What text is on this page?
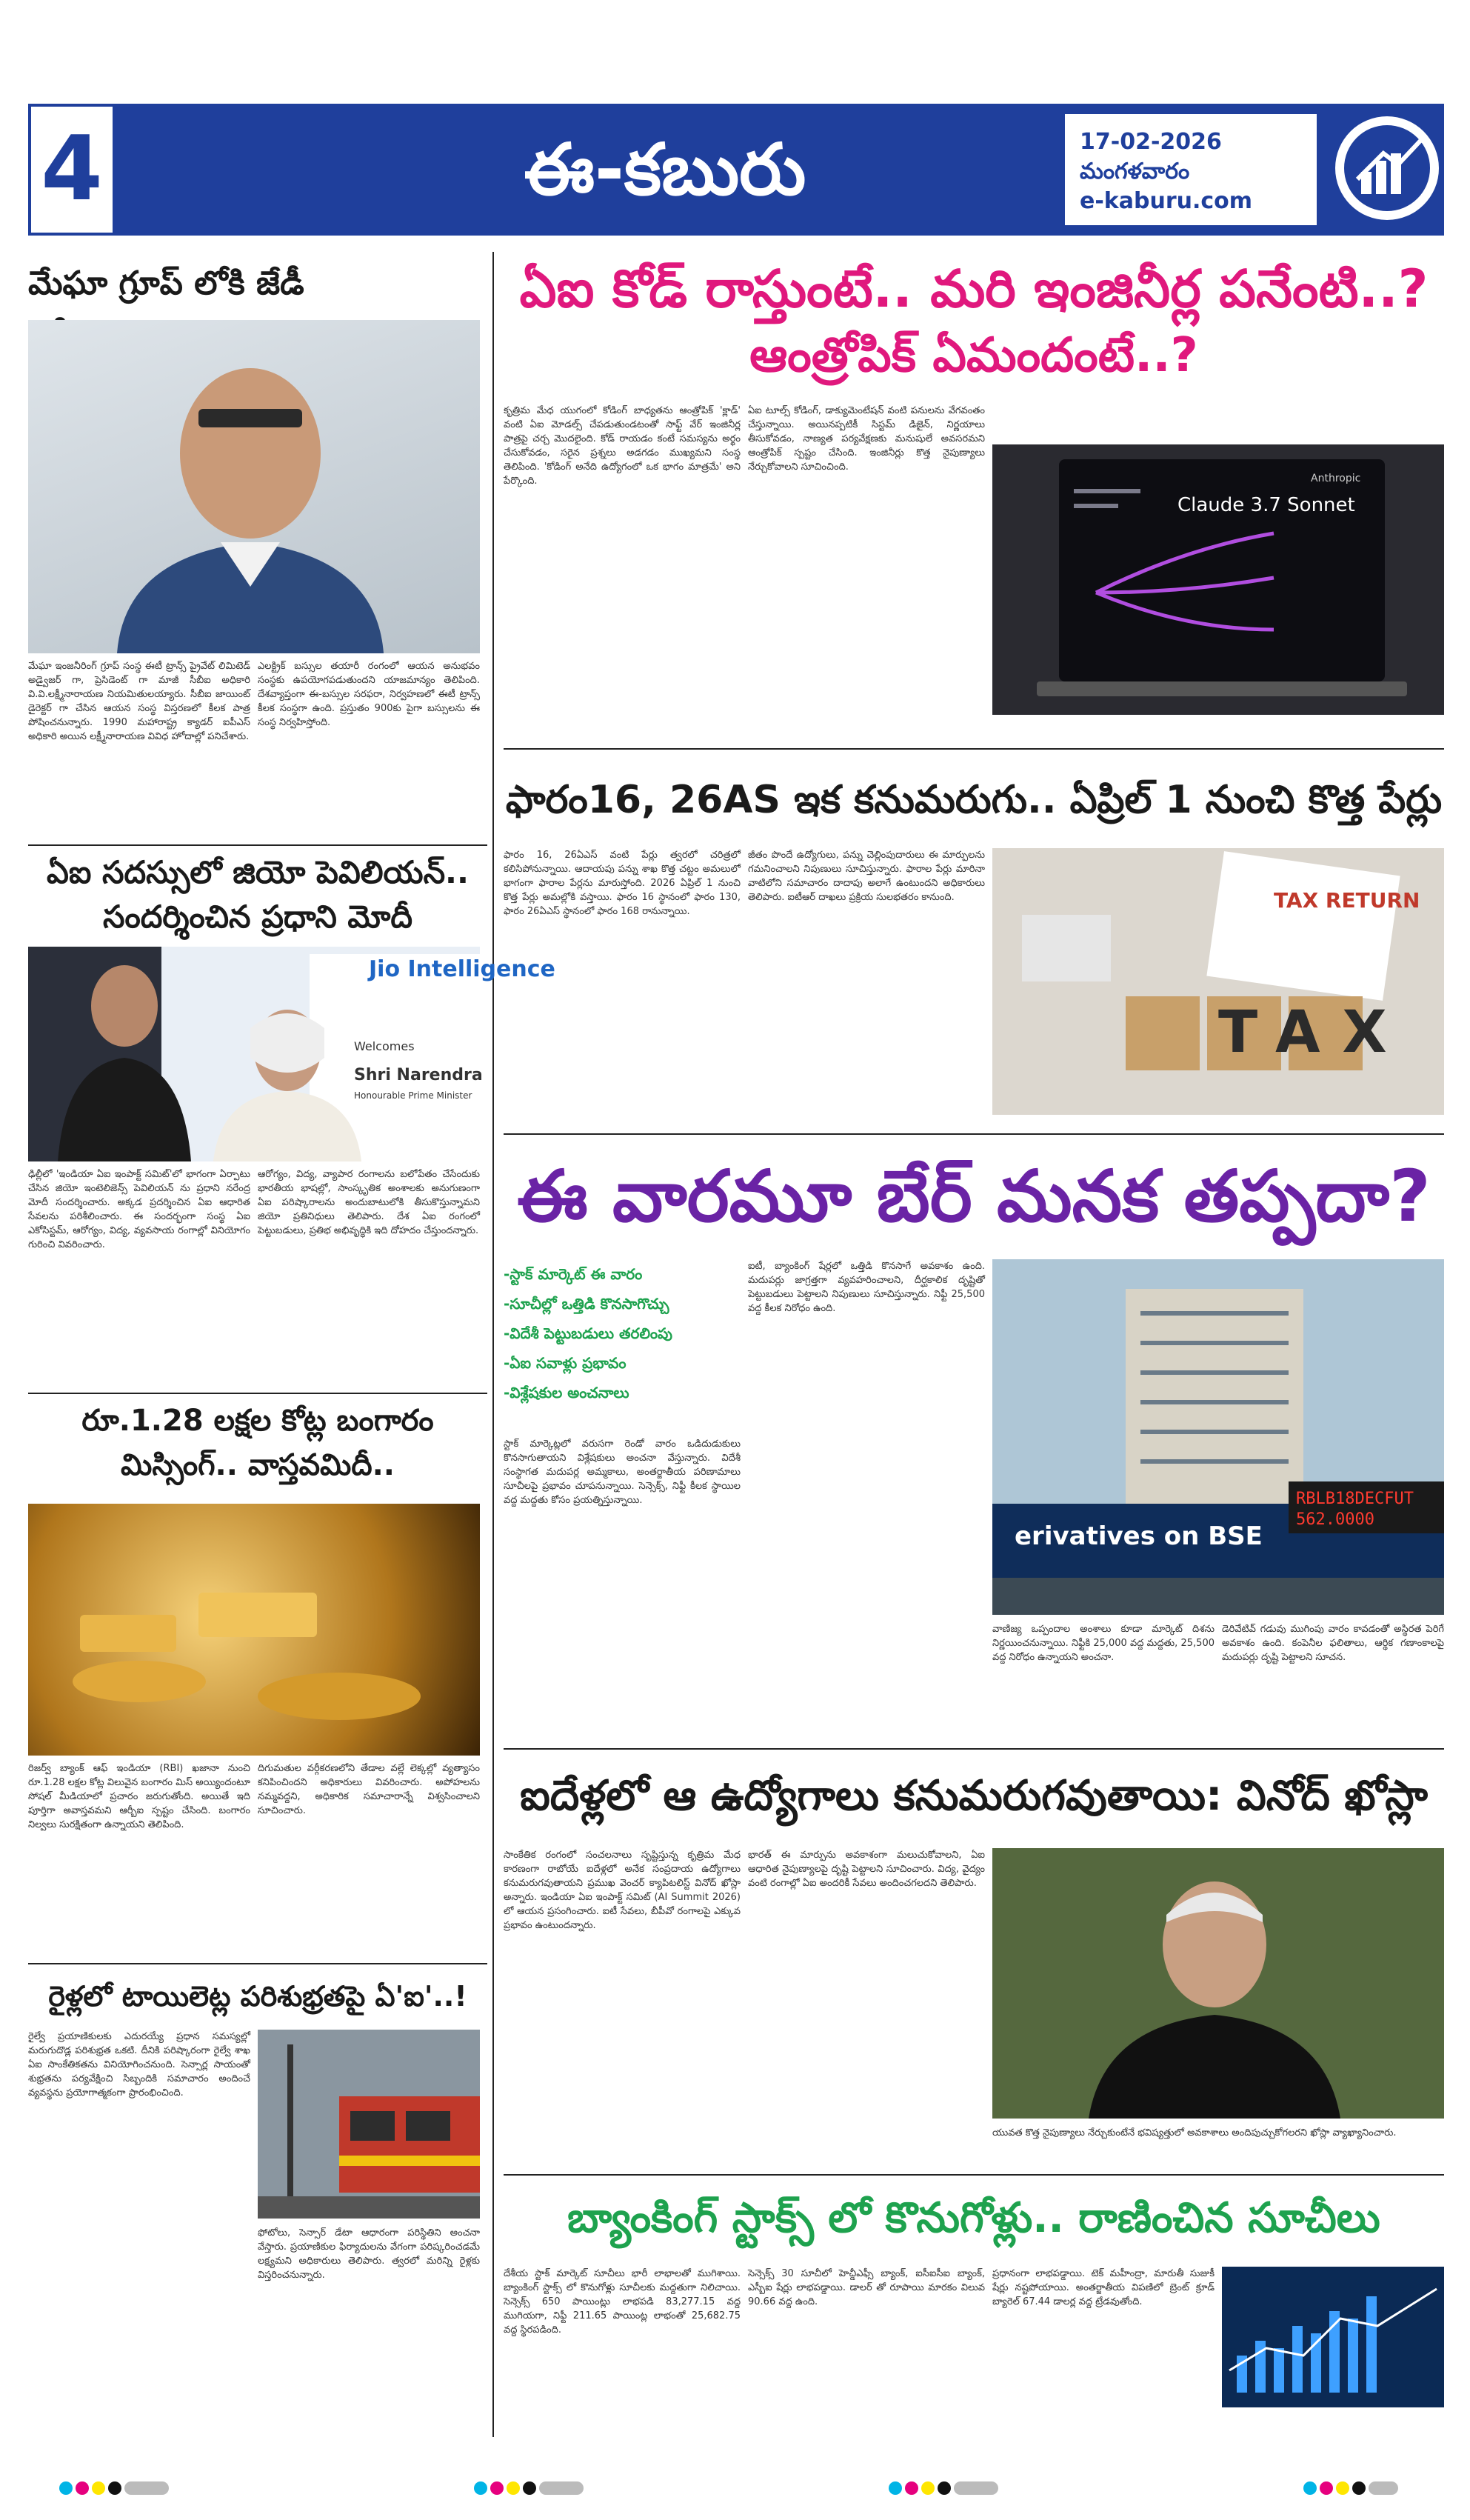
4	ఈ-కబురు	17-02-2026
మంగళవారం
e-kaburu.com
మేఘా గ్రూప్ లోకి జేడీ
మేఘా ఇంజనీరింగ్ గ్రూప్ సంస్థ ఈటీ ట్రాన్స్ ప్రైవేట్ లిమిటెడ్ అడ్వైజర్ గా, ప్రెసిడెంట్ గా మాజీ సీబీఐ అధికారి వి.వి.లక్ష్మీనారాయణ నియమితులయ్యారు. సీబీఐ జాయింట్ డైరెక్టర్ గా చేసిన ఆయన సంస్థ విస్తరణలో కీలక పాత్ర పోషించనున్నారు. 1990 మహారాష్ట్ర క్యాడర్ ఐపీఎస్ అధికారి అయిన లక్ష్మీనారాయణ వివిధ హోదాల్లో పనిచేశారు.
ఎలక్ట్రిక్ బస్సుల తయారీ రంగంలో ఆయన అనుభవం సంస్థకు ఉపయోగపడుతుందని యాజమాన్యం తెలిపింది. దేశవ్యాప్తంగా ఈ-బస్సుల సరఫరా, నిర్వహణలో ఈటీ ట్రాన్స్ కీలక సంస్థగా ఉంది. ప్రస్తుతం 900కు పైగా బస్సులను ఈ సంస్థ నిర్వహిస్తోంది.
ఏఐ సదస్సులో జియో పెవిలియన్.. సందర్శించిన ప్రధాని మోదీ
Jio Intelligence
Welcomes
Shri Narendra
Honourable Prime Minister
ఢిల్లీలో 'ఇండియా ఏఐ ఇంపాక్ట్ సమిట్'లో భాగంగా ఏర్పాటు చేసిన జియో ఇంటెలిజెన్స్ పెవిలియన్ ను ప్రధాని నరేంద్ర మోదీ సందర్శించారు. అక్కడ ప్రదర్శించిన ఏఐ ఆధారిత సేవలను పరిశీలించారు. ఈ సందర్భంగా సంస్థ ఏఐ ఎకోసిస్టమ్, ఆరోగ్యం, విద్య, వ్యవసాయ రంగాల్లో వినియోగం గురించి వివరించారు.
ఆరోగ్యం, విద్య, వ్యాపార రంగాలను బలోపేతం చేసేందుకు భారతీయ భాషల్లో, సాంస్కృతిక అంశాలకు అనుగుణంగా ఏఐ పరిష్కారాలను అందుబాటులోకి తీసుకొస్తున్నామని జియో ప్రతినిధులు తెలిపారు. దేశ ఏఐ రంగంలో పెట్టుబడులు, ప్రతిభ అభివృద్ధికి ఇది దోహదం చేస్తుందన్నారు.
రూ.1.28 లక్షల కోట్ల బంగారం మిస్సింగ్.. వాస్తవమిదీ..
రిజర్వ్ బ్యాంక్ ఆఫ్ ఇండియా (RBI) ఖజానా నుంచి రూ.1.28 లక్షల కోట్ల విలువైన బంగారం మిస్ అయ్యిందంటూ సోషల్ మీడియాలో ప్రచారం జరుగుతోంది. అయితే ఇది పూర్తిగా అవాస్తవమని ఆర్బీఐ స్పష్టం చేసింది. బంగారం నిల్వలు సురక్షితంగా ఉన్నాయని తెలిపింది.
దిగుమతుల వర్గీకరణలోని తేడాల వల్లే లెక్కల్లో వ్యత్యాసం కనిపించిందని అధికారులు వివరించారు. అపోహలను నమ్మవద్దని, అధికారిక సమాచారాన్నే విశ్వసించాలని సూచించారు.
రైళ్లలో టాయిలెట్ల పరిశుభ్రతపై ఏ'ఐ'..!
రైల్వే ప్రయాణికులకు ఎదురయ్యే ప్రధాన సమస్యల్లో మరుగుదొడ్ల పరిశుభ్రత ఒకటి. దీనికి పరిష్కారంగా రైల్వే శాఖ ఏఐ సాంకేతికతను వినియోగించనుంది. సెన్సార్ల సాయంతో శుభ్రతను పర్యవేక్షించి సిబ్బందికి సమాచారం అందించే వ్యవస్థను ప్రయోగాత్మకంగా ప్రారంభించింది.
ఫోటోలు, సెన్సార్ డేటా ఆధారంగా పరిస్థితిని అంచనా వేస్తారు. ప్రయాణికుల ఫిర్యాదులను వేగంగా పరిష్కరించడమే లక్ష్యమని అధికారులు తెలిపారు. త్వరలో మరిన్ని రైళ్లకు విస్తరించనున్నారు.
ఏఐ కోడ్ రాస్తుంటే.. మరి ఇంజినీర్ల పనేంటి..?
ఆంత్రోపిక్ ఏమందంటే..?
కృత్రిమ మేధ యుగంలో కోడింగ్ బాధ్యతను ఆంత్రోపిక్ 'క్లాడ్' వంటి ఏఐ మోడల్స్ చేపడుతుండటంతో సాఫ్ట్ వేర్ ఇంజినీర్ల పాత్రపై చర్చ మొదలైంది. కోడ్ రాయడం కంటే సమస్యను అర్థం చేసుకోవడం, సరైన ప్రశ్నలు అడగడం ముఖ్యమని సంస్థ తెలిపింది. 'కోడింగ్ అనేది ఉద్యోగంలో ఒక భాగం మాత్రమే' అని పేర్కొంది.
ఏఐ టూల్స్ కోడింగ్, డాక్యుమెంటేషన్ వంటి పనులను వేగవంతం చేస్తున్నాయి. అయినప్పటికీ సిస్టమ్ డిజైన్, నిర్ణయాలు తీసుకోవడం, నాణ్యత పర్యవేక్షణకు మనుషులే అవసరమని ఆంత్రోపిక్ స్పష్టం చేసింది. ఇంజినీర్లు కొత్త నైపుణ్యాలు నేర్చుకోవాలని సూచించింది.
Claude 3.7 Sonnet
Anthropic
ఫారం16, 26AS ఇక కనుమరుగు.. ఏప్రిల్ 1 నుంచి కొత్త పేర్లు
ఫారం 16, 26ఏఎస్ వంటి పేర్లు త్వరలో చరిత్రలో కలిసిపోనున్నాయి. ఆదాయపు పన్ను శాఖ కొత్త చట్టం అమలులో భాగంగా ఫారాల పేర్లను మారుస్తోంది. 2026 ఏప్రిల్ 1 నుంచి కొత్త పేర్లు అమల్లోకి వస్తాయి. ఫారం 16 స్థానంలో ఫారం 130, ఫారం 26ఏఎస్ స్థానంలో ఫారం 168 రానున్నాయి.
జీతం పొందే ఉద్యోగులు, పన్ను చెల్లింపుదారులు ఈ మార్పులను గమనించాలని నిపుణులు సూచిస్తున్నారు. ఫారాల పేర్లు మారినా వాటిలోని సమాచారం దాదాపు అలాగే ఉంటుందని అధికారులు తెలిపారు. ఐటీఆర్ దాఖలు ప్రక్రియ సులభతరం కానుంది.	TAX RETURN
TAX
ఈ వారమూ బేర్ మనక తప్పదా?
-స్టాక్ మార్కెట్ ఈ వారం
-సూచీల్లో ఒత్తిడి కొనసాగొచ్చు
-విదేశీ పెట్టుబడులు తరలింపు
-ఏఐ సవాళ్లు ప్రభావం
-విశ్లేషకుల అంచనాలు
ఐటీ, బ్యాంకింగ్ షేర్లలో ఒత్తిడి కొనసాగే అవకాశం ఉంది. మదుపర్లు జాగ్రత్తగా వ్యవహరించాలని, దీర్ఘకాలిక దృష్టితో పెట్టుబడులు పెట్టాలని నిపుణులు సూచిస్తున్నారు. నిఫ్టీ 25,500 వద్ద కీలక నిరోధం ఉంది.
స్టాక్ మార్కెట్లలో వరుసగా రెండో వారం ఒడిదుడుకులు కొనసాగుతాయని విశ్లేషకులు అంచనా వేస్తున్నారు. విదేశీ సంస్థాగత మదుపర్ల అమ్మకాలు, అంతర్జాతీయ పరిణామాలు సూచీలపై ప్రభావం చూపనున్నాయి. సెన్సెక్స్, నిఫ్టీ కీలక స్థాయిల వద్ద మద్దతు కోసం ప్రయత్నిస్తున్నాయి.
erivatives on BSE
RBLB18DECFUT
562.0000
వాణిజ్య ఒప్పందాల అంశాలు కూడా మార్కెట్ దిశను నిర్ణయించనున్నాయి. నిఫ్టీకి 25,000 వద్ద మద్దతు, 25,500 వద్ద నిరోధం ఉన్నాయని అంచనా.
డెరివేటివ్ గడువు ముగింపు వారం కావడంతో అస్థిరత పెరిగే అవకాశం ఉంది. కంపెనీల ఫలితాలు, ఆర్థిక గణాంకాలపై మదుపర్లు దృష్టి పెట్టాలని సూచన.
ఐదేళ్లలో ఆ ఉద్యోగాలు కనుమరుగవుతాయి: వినోద్ ఖోస్లా
సాంకేతిక రంగంలో సంచలనాలు సృష్టిస్తున్న కృత్రిమ మేధ కారణంగా రాబోయే ఐదేళ్లలో అనేక సంప్రదాయ ఉద్యోగాలు కనుమరుగవుతాయని ప్రముఖ వెంచర్ క్యాపిటలిస్ట్ వినోద్ ఖోస్లా అన్నారు. ఇండియా ఏఐ ఇంపాక్ట్ సమిట్ (AI Summit 2026) లో ఆయన ప్రసంగించారు. ఐటీ సేవలు, బీపీవో రంగాలపై ఎక్కువ ప్రభావం ఉంటుందన్నారు.
భారత్ ఈ మార్పును అవకాశంగా మలుచుకోవాలని, ఏఐ ఆధారిత నైపుణ్యాలపై దృష్టి పెట్టాలని సూచించారు. విద్య, వైద్యం వంటి రంగాల్లో ఏఐ అందరికీ సేవలు అందించగలదని తెలిపారు.
యువత కొత్త నైపుణ్యాలు నేర్చుకుంటేనే భవిష్యత్తులో అవకాశాలు అందిపుచ్చుకోగలరని ఖోస్లా వ్యాఖ్యానించారు.
బ్యాంకింగ్ స్టాక్స్ లో కొనుగోళ్లు.. రాణించిన సూచీలు
దేశీయ స్టాక్ మార్కెట్ సూచీలు భారీ లాభాలతో ముగిశాయి. బ్యాంకింగ్ స్టాక్స్ లో కొనుగోళ్లు సూచీలకు మద్దతుగా నిలిచాయి. సెన్సెక్స్ 650 పాయింట్లు లాభపడి 83,277.15 వద్ద ముగియగా, నిఫ్టీ 211.65 పాయింట్ల లాభంతో 25,682.75 వద్ద స్థిరపడింది.
సెన్సెక్స్ 30 సూచీలో హెచ్డీఎఫ్సీ బ్యాంక్, ఐసీఐసీఐ బ్యాంక్, ఎస్బీఐ షేర్లు లాభపడ్డాయి. డాలర్ తో రూపాయి మారకం విలువ 90.66 వద్ద ఉంది.
ప్రధానంగా లాభపడ్డాయి. టెక్ మహీంద్రా, మారుతీ సుజుకీ షేర్లు నష్టపోయాయి. అంతర్జాతీయ విపణిలో బ్రెంట్ క్రూడ్ బ్యారెల్ 67.44 డాలర్ల వద్ద ట్రేడవుతోంది.
